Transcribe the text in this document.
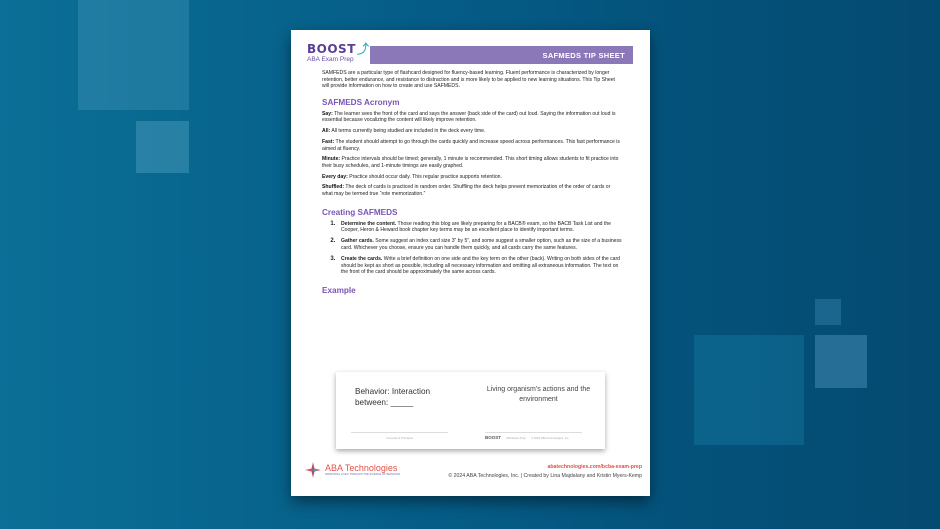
BOOST ⤴
ABA Exam Prep	SAFMEDS TIP SHEET

SAMFEDS are a particular type of flashcard designed for fluency-based learning. Fluent performance is characterized by longer retention, better endurance, and resistance to distraction and is more likely to be applied to new learning situations. This Tip Sheet will provide information on how to create and use SAFMEDS.

SAFMEDS Acronym

Say: The learner sees the front of the card and says the answer (back side of the card) out loud. Saying the information out loud is essential because vocalizing the content will likely improve retention.

All: All terms currently being studied are included in the deck every time.

Fast: The student should attempt to go through the cards quickly and increase speed across performances. This fast performance is aimed at fluency.

Minute: Practice intervals should be timed; generally, 1 minute is recommended. This short timing allows students to fit practice into their busy schedules, and 1-minute timings are easily graphed.

Every day: Practice should occur daily. This regular practice supports retention.

Shuffled: The deck of cards is practiced in random order. Shuffling the deck helps prevent memorization of the order of cards or what may be termed true “rote memorization.”

Creating SAFMEDS
1. Determine the content. Those reading this blog are likely preparing for a BACB® exam, so the BACB Task List and the Cooper, Heron & Heward book chapter key terms may be an excellent place to identify important terms.
2. Gather cards. Some suggest an index card size 3” by 5”, and some suggest a smaller option, such as the size of a business card. Whichever you choose, ensure you can handle them quickly, and all cards carry the same features.
3. Create the cards. Write a brief definition on one side and the key term on the other (back). Writing on both sides of the card should be kept as short as possible, including all necessary information and omitting all extraneous information. The text on the front of the card should be approximately the same across cards.
Example
Behavior: Interaction between: _____
Living organism's actions and the environment
Concepts & Principles	BOOST ABA Exam Prep © 2023 ABA Technologies, Inc.
ABA Technologies
IMPROVING LIVES THROUGH THE SCIENCE OF BEHAVIOR
abatechnologies.com/bcba-exam-prep
© 2024 ABA Technologies, Inc. | Created by Lina Majdalany and Kristin Myers-Kemp
